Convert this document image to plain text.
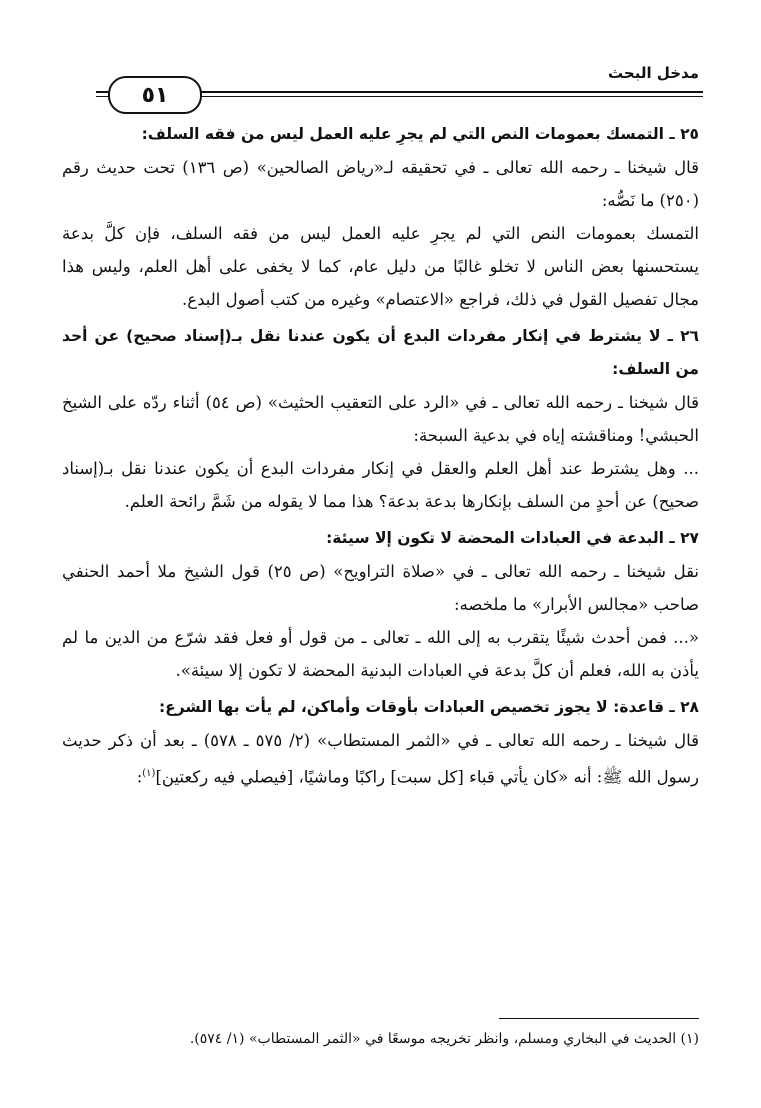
مدخل البحث
٥١

٢٥ ـ التمسك بعمومات النص التي لم يجرِ عليه العمل ليس من فقه السلف:

قال شيخنا ـ رحمه الله تعالى ـ في تحقيقه لـ«رياض الصالحين» (ص ١٣٦) تحت حديث رقم (٢٥٠) ما نَصُّه:

التمسك بعمومات النص التي لم يجرِ عليه العمل ليس من فقه السلف، فإن كلَّ بدعة يستحسنها بعض الناس لا تخلو غالبًا من دليل عام، كما لا يخفى على أهل العلم، وليس هذا مجال تفصيل القول في ذلك، فراجع «الاعتصام» وغيره من كتب أصول البدع.

٢٦ ـ لا يشترط في إنكار مفردات البدع أن يكون عندنا نقل بـ(إسناد صحيح) عن أحد من السلف:

قال شيخنا ـ رحمه الله تعالى ـ في «الرد على التعقيب الحثيث» (ص ٥٤) أثناء ردّه على الشيخ الحبشي! ومناقشته إياه في بدعية السبحة:

... وهل يشترط عند أهل العلم والعقل في إنكار مفردات البدع أن يكون عندنا نقل بـ(إسناد صحيح) عن أحدٍ من السلف بإنكارها بدعة بدعة؟ هذا مما لا يقوله من شَمَّ رائحة العلم.

٢٧ ـ البدعة في العبادات المحضة لا تكون إلا سيئة:

نقل شيخنا ـ رحمه الله تعالى ـ في «صلاة التراويح» (ص ٢٥) قول الشيخ ملا أحمد الحنفي صاحب «مجالس الأبرار» ما ملخصه:

«... فمن أحدث شيئًا يتقرب به إلى الله ـ تعالى ـ من قول أو فعل فقد شرّع من الدين ما لم يأذن به الله، فعلم أن كلَّ بدعة في العبادات البدنية المحضة لا تكون إلا سيئة».

٢٨ ـ قاعدة: لا يجوز تخصيص العبادات بأوقات وأماكن، لم يأت بها الشرع:

قال شيخنا ـ رحمه الله تعالى ـ في «الثمر المستطاب» (٢/ ٥٧٥ ـ ٥٧٨) ـ بعد أن ذكر حديث رسول الله ﷺ: أنه «كان يأتي قباء [كل سبت] راكبًا وماشيًا، [فيصلي فيه ركعتين]$^{(١)}$:

(١) الحديث في البخاري ومسلم، وانظر تخريجه موسعًا في «الثمر المستطاب» (١/ ٥٧٤).
